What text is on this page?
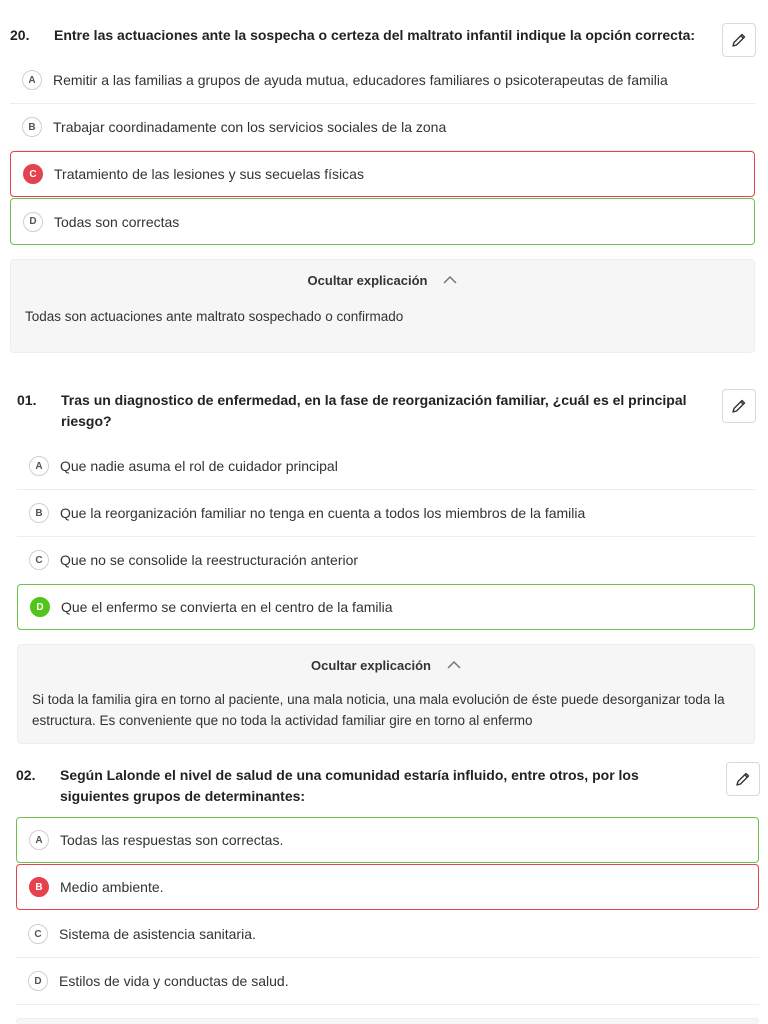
20.	Entre las actuaciones ante la sospecha o certeza del maltrato infantil indique la opción correcta:
A	Remitir a las familias a grupos de ayuda mutua, educadores familiares o psicoterapeutas de familia
B	Trabajar coordinadamente con los servicios sociales de la zona
C	Tratamiento de las lesiones y sus secuelas físicas
D	Todas son correctas
Ocultar explicación
Todas son actuaciones ante maltrato sospechado o confirmado
01.	Tras un diagnostico de enfermedad, en la fase de reorganización familiar, ¿cuál es el principal riesgo?
A	Que nadie asuma el rol de cuidador principal
B	Que la reorganización familiar no tenga en cuenta a todos los miembros de la familia
C	Que no se consolide la reestructuración anterior
D	Que el enfermo se convierta en el centro de la familia
Ocultar explicación
Si toda la familia gira en torno al paciente, una mala noticia, una mala evolución de éste puede desorganizar toda la estructura. Es conveniente que no toda la actividad familiar gire en torno al enfermo
02.	Según Lalonde el nivel de salud de una comunidad estaría influido, entre otros, por los siguientes grupos de determinantes:
A	Todas las respuestas son correctas.
B	Medio ambiente.
C	Sistema de asistencia sanitaria.
D	Estilos de vida y conductas de salud.
